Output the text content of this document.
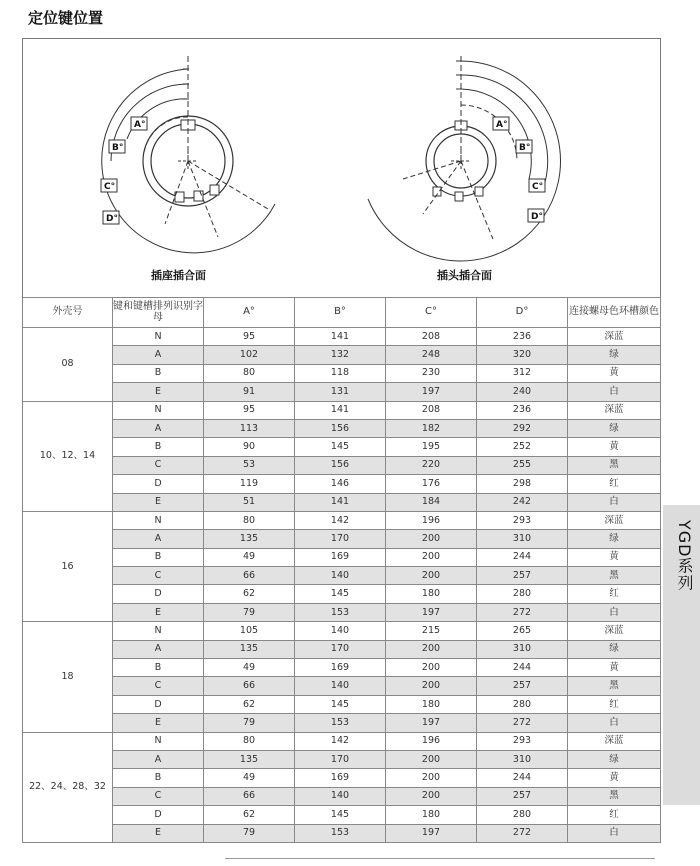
定位键位置
A°
B°
C°
D°
A°
B°
C°
D°
插座插合面	插头插合面
外壳号	键和键槽排列识别字母	A°	B°	C°	D°	连接螺母色环槽颜色
08	N	95	141	208	236	深蓝
	A	102	132	248	320	绿
	B	80	118	230	312	黄
	E	91	131	197	240	白
10、12、14	N	95	141	208	236	深蓝
	A	113	156	182	292	绿
	B	90	145	195	252	黄
	C	53	156	220	255	黑
	D	119	146	176	298	红
	E	51	141	184	242	白
16	N	80	142	196	293	深蓝
	A	135	170	200	310	绿
	B	49	169	200	244	黄
	C	66	140	200	257	黑
	D	62	145	180	280	红
	E	79	153	197	272	白
18	N	105	140	215	265	深蓝
	A	135	170	200	310	绿
	B	49	169	200	244	黄
	C	66	140	200	257	黑
	D	62	145	180	280	红
	E	79	153	197	272	白
22、24、28、32	N	80	142	196	293	深蓝
	A	135	170	200	310	绿
	B	49	169	200	244	黄
	C	66	140	200	257	黑
	D	62	145	180	280	红
	E	79	153	197	272	白
YGD系列
